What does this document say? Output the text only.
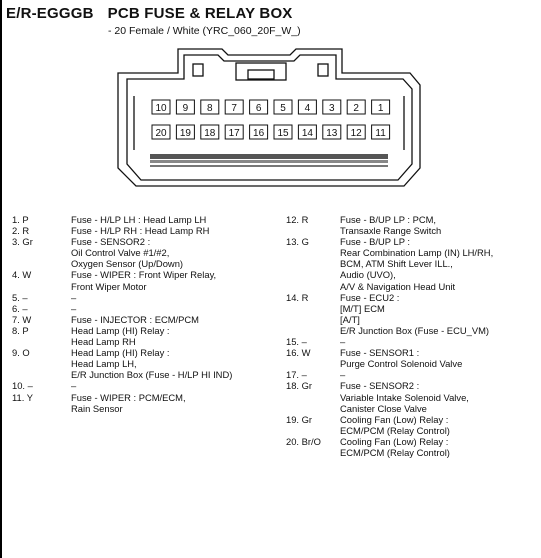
E/R-EGGGB PCB FUSE & RELAY BOX
- 20 Female / White (YRC_060_20F_W_)
10 9 8 7 6 5 4 3 2 1
20 19 18 17 16 15 14 13 12 11
1. P	Fuse - H/LP LH : Head Lamp LH
2. R	Fuse - H/LP RH : Head Lamp RH
3. Gr	Fuse - SENSOR2 :
Oil Control Valve #1/#2,
Oxygen Sensor (Up/Down)
4. W	Fuse - WIPER : Front Wiper Relay,
Front Wiper Motor
5. –	–
6. –	–
7. W	Fuse - INJECTOR : ECM/PCM
8. P	Head Lamp (HI) Relay :
Head Lamp RH
9. O	Head Lamp (HI) Relay :
Head Lamp LH,
E/R Junction Box (Fuse - H/LP HI IND)
10. –	–
11. Y	Fuse - WIPER : PCM/ECM,
Rain Sensor
12. R	Fuse - B/UP LP : PCM,
Transaxle Range Switch
13. G	Fuse - B/UP LP :
Rear Combination Lamp (IN) LH/RH,
BCM, ATM Shift Lever ILL.,
Audio (UVO),
A/V & Navigation Head Unit
14. R	Fuse - ECU2 :
[M/T] ECM
[A/T]
E/R Junction Box (Fuse - ECU_VM)
15. –	–
16. W	Fuse - SENSOR1 :
Purge Control Solenoid Valve
17. –	–
18. Gr	Fuse - SENSOR2 :
Variable Intake Solenoid Valve,
Canister Close Valve
19. Gr	Cooling Fan (Low) Relay :
ECM/PCM (Relay Control)
20. Br/O Cooling Fan (Low) Relay :
ECM/PCM (Relay Control)
